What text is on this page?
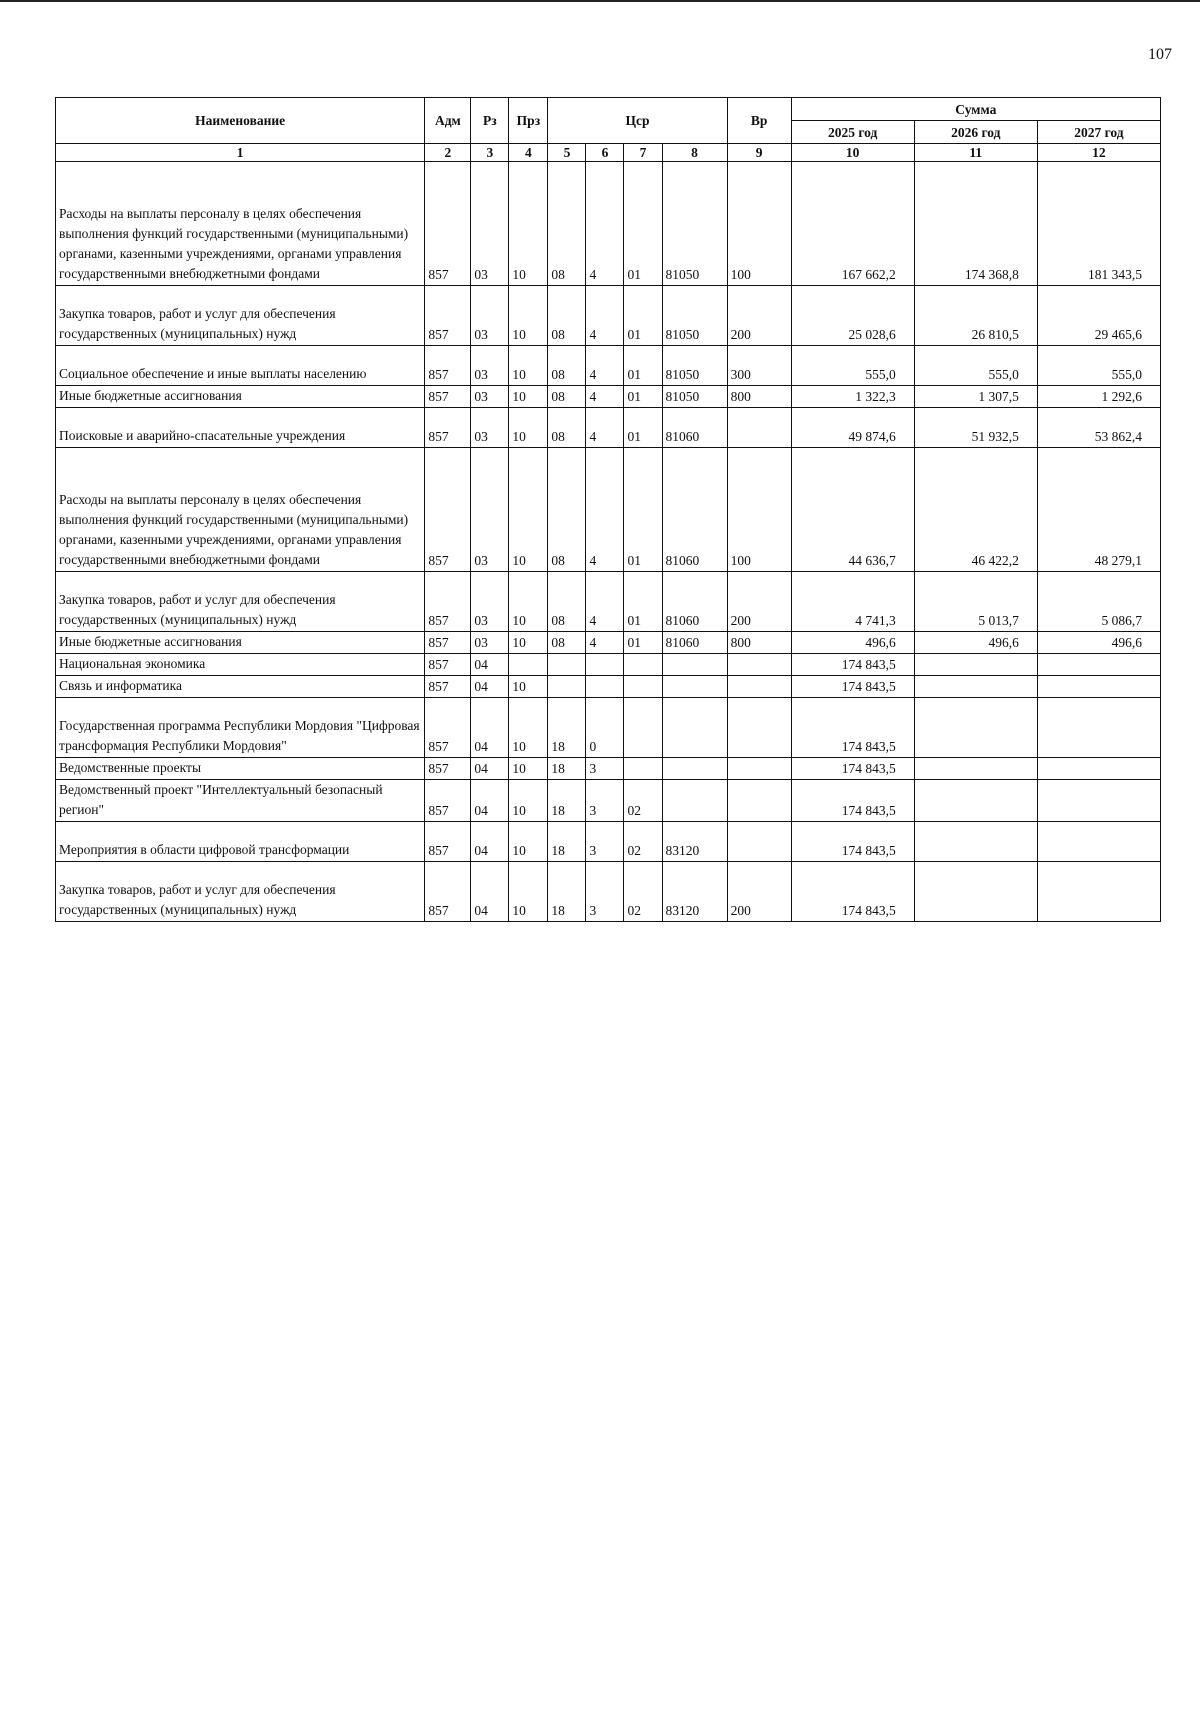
107
Наименование	Адм	Рз	Прз	Цср				Вр	Сумма		
									2025 год	2026 год	2027 год
1	2	3	4	5	6	7	8	9	10	11	12
Расходы на выплаты персоналу в целях обеспечения выполнения функций государственными (муниципальными) органами, казенными учреждениями, органами управления государственными внебюджетными фондами	857	03	10	08	4	01	81050	100	167 662,2	174 368,8	181 343,5
Закупка товаров, работ и услуг для обеспечения государственных (муниципальных) нужд	857	03	10	08	4	01	81050	200	25 028,6	26 810,5	29 465,6
Социальное обеспечение и иные выплаты населению	857	03	10	08	4	01	81050	300	555,0	555,0	555,0
Иные бюджетные ассигнования	857	03	10	08	4	01	81050	800	1 322,3	1 307,5	1 292,6
Поисковые и аварийно-спасательные учреждения	857	03	10	08	4	01	81060		49 874,6	51 932,5	53 862,4
Расходы на выплаты персоналу в целях обеспечения выполнения функций государственными (муниципальными) органами, казенными учреждениями, органами управления государственными внебюджетными фондами	857	03	10	08	4	01	81060	100	44 636,7	46 422,2	48 279,1
Закупка товаров, работ и услуг для обеспечения государственных (муниципальных) нужд	857	03	10	08	4	01	81060	200	4 741,3	5 013,7	5 086,7
Иные бюджетные ассигнования	857	03	10	08	4	01	81060	800	496,6	496,6	496,6
Национальная экономика	857	04							174 843,5		
Связь и информатика	857	04	10						174 843,5		
Государственная программа Республики Мордовия "Цифровая трансформация Республики Мордовия"	857	04	10	18	0				174 843,5		
Ведомственные проекты	857	04	10	18	3				174 843,5		
Ведомственный проект "Интеллектуальный безопасный регион"	857	04	10	18	3	02			174 843,5		
Мероприятия в области цифровой трансформации	857	04	10	18	3	02	83120		174 843,5		
Закупка товаров, работ и услуг для обеспечения государственных (муниципальных) нужд	857	04	10	18	3	02	83120	200	174 843,5		
